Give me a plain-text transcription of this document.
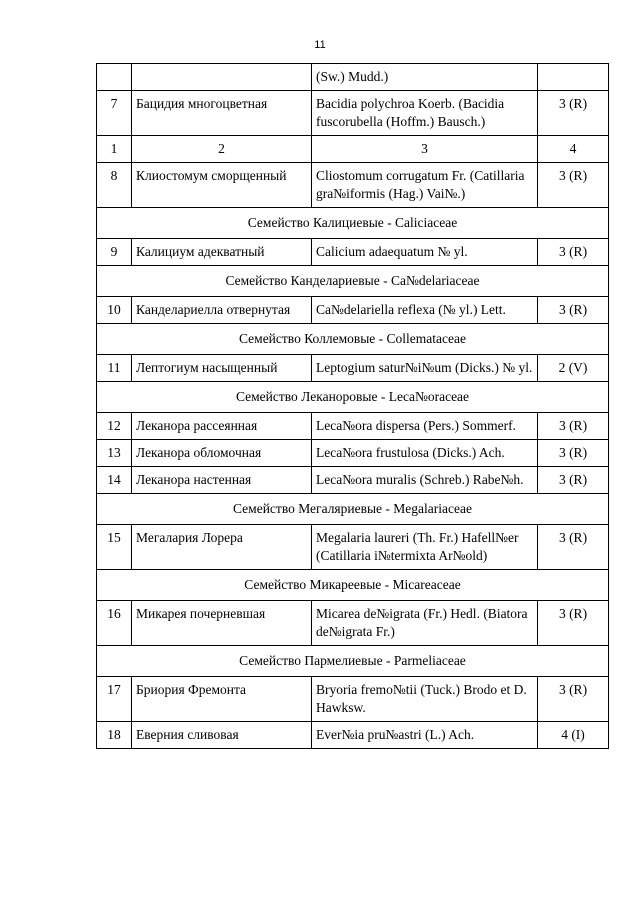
11
		(Sw.) Mudd.)	
7	Бацидия многоцветная	Bacidia polychroa Koerb. (Bacidia fuscorubella (Hoffm.) Bausch.)	3 (R)
1	2	3	4
8	Клиостомум сморщенный	Cliostomum corrugatum Fr. (Catillaria gra№iformis (Hag.) Vai№.)	3 (R)
Семейство Калициевые - Caliciaceae			
9	Калициум адекватный	Calicium adaequatum № yl.	3 (R)
Семейство Канделариевые - Ca№delariaceae			
10	Канделариелла отвернутая	Ca№delariella reflexa (№ yl.) Lett.	3 (R)
Семейство Коллемовые - Collemataceae			
11	Лептогиум насыщенный	Leptogium satur№i№um (Dicks.) № yl.	2 (V)
Семейство Леканоровые - Leca№oraceae			
12	Леканора рассеянная	Leca№ora dispersa (Pers.) Sommerf.	3 (R)
13	Леканора обломочная	Leca№ora frustulosa (Dicks.) Ach.	3 (R)
14	Леканора настенная	Leca№ora muralis (Schreb.) Rabe№h.	3 (R)
Семейство Мегаляриевые - Megalariaceae			
15	Мегалария Лорера	Megalaria laureri (Th. Fr.) Hafell№er (Catillaria i№termixta Ar№old)	3 (R)
Семейство Микареевые - Micareaceae			
16	Микарея почерневшая	Micarea de№igrata (Fr.) Hedl. (Biatora de№igrata Fr.)	3 (R)
Семейство Пармелиевые - Parmeliaceae			
17	Бриория Фремонта	Bryoria fremo№tii (Tuck.) Brodo et D. Hawksw.	3 (R)
18	Еверния сливовая	Ever№ia pru№astri (L.) Ach.	4 (I)
